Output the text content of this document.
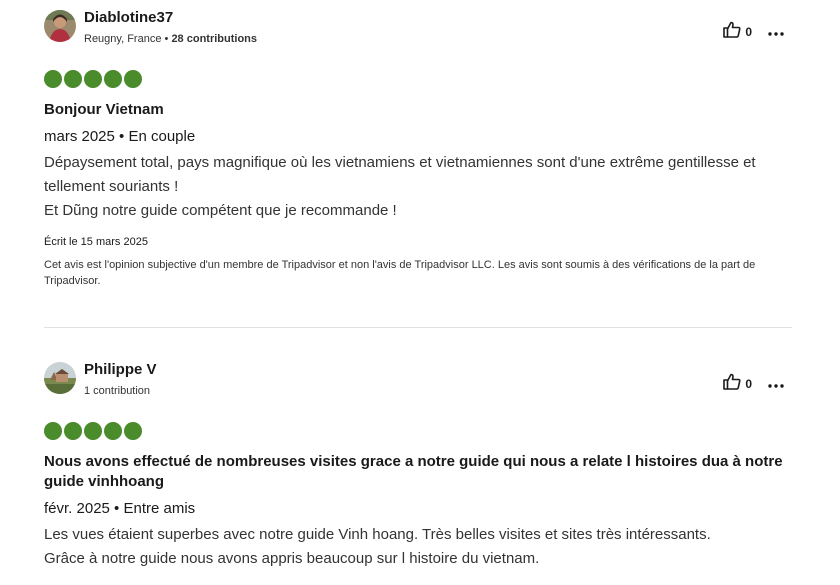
Diablotine37
Reugny, France • 28 contributions	0
Bonjour Vietnam
mars 2025 • En couple

Dépaysement total, pays magnifique où les vietnamiens et vietnamiennes sont d'une extrême gentillesse et tellement souriants !

Et Dũng notre guide compétent que je recommande !

Écrit le 15 mars 2025
Cet avis est l'opinion subjective d'un membre de Tripadvisor et non l'avis de Tripadvisor LLC. Les avis sont soumis à des vérifications de la part de Tripadvisor.
Philippe V
1 contribution	0
Nous avons effectué de nombreuses visites grace a notre guide qui nous a relate l histoires dua à notre guide vinhhoang
févr. 2025 • Entre amis

Les vues étaient superbes avec notre guide Vinh hoang. Très belles visites et sites très intéressants.

Grâce à notre guide nous avons appris beaucoup sur l histoire du vietnam.
